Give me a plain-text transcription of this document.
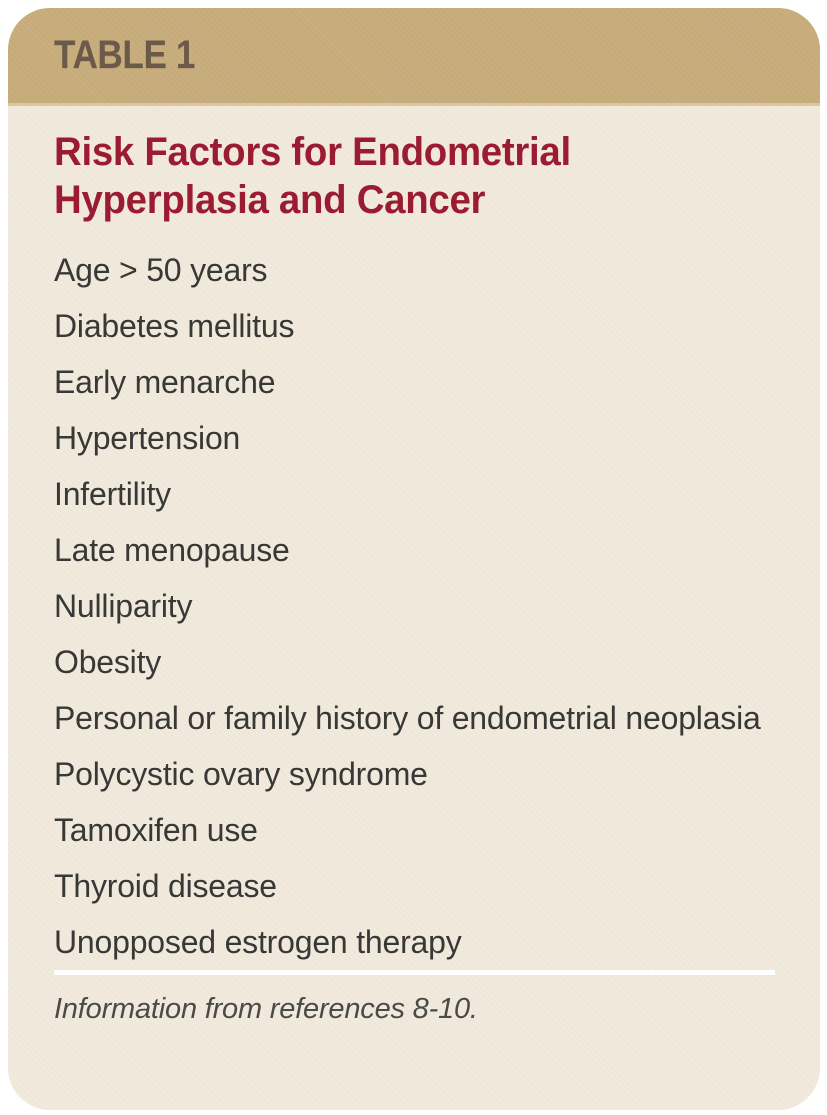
TABLE 1
Risk Factors for Endometrial Hyperplasia and Cancer
Age > 50 years
Diabetes mellitus
Early menarche
Hypertension
Infertility
Late menopause
Nulliparity
Obesity
Personal or family history of endometrial neoplasia
Polycystic ovary syndrome
Tamoxifen use
Thyroid disease
Unopposed estrogen therapy

Information from references 8-10.
